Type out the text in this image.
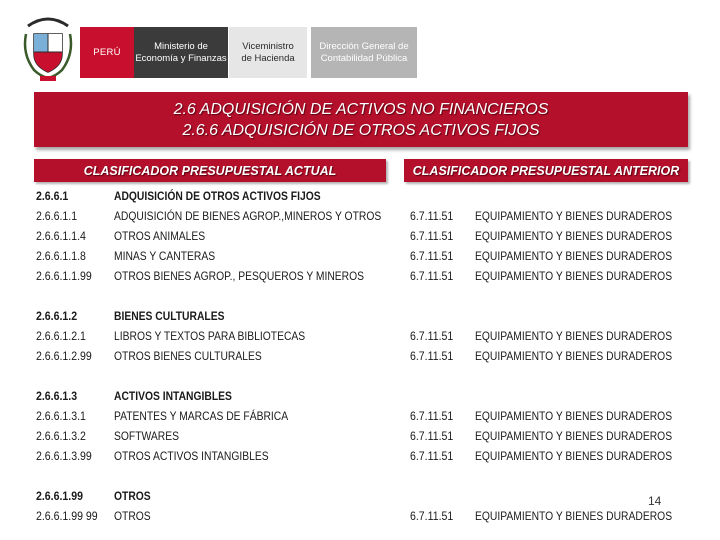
PERÚ
Ministerio de
Economía y Finanzas
Viceministro
de Hacienda
Dirección General de
Contabilidad Pública
2.6 ADQUISICIÓN DE ACTIVOS NO FINANCIEROS
2.6.6 ADQUISICIÓN DE OTROS ACTIVOS FIJOS
CLASIFICADOR PRESUPUESTAL ACTUAL	CLASIFICADOR PRESUPUESTAL ANTERIOR
2.6.6.1	ADQUISICIÓN DE OTROS ACTIVOS FIJOS
2.6.6.1.1	ADQUISICIÓN DE BIENES AGROP.,MINEROS Y OTROS 6.7.11.51 EQUIPAMIENTO Y BIENES DURADEROS
2.6.6.1.1.4 OTROS ANIMALES	6.7.11.51 EQUIPAMIENTO Y BIENES DURADEROS
2.6.6.1.1.8 MINAS Y CANTERAS	6.7.11.51 EQUIPAMIENTO Y BIENES DURADEROS
2.6.6.1.1.99 OTROS BIENES AGROP., PESQUEROS Y MINEROS	6.7.11.51 EQUIPAMIENTO Y BIENES DURADEROS
2.6.6.1.2	BIENES CULTURALES
2.6.6.1.2.1 LIBROS Y TEXTOS PARA BIBLIOTECAS	6.7.11.51 EQUIPAMIENTO Y BIENES DURADEROS
2.6.6.1.2.99 OTROS BIENES CULTURALES	6.7.11.51 EQUIPAMIENTO Y BIENES DURADEROS
2.6.6.1.3	ACTIVOS INTANGIBLES
2.6.6.1.3.1 PATENTES Y MARCAS DE FÁBRICA	6.7.11.51 EQUIPAMIENTO Y BIENES DURADEROS
2.6.6.1.3.2 SOFTWARES	6.7.11.51 EQUIPAMIENTO Y BIENES DURADEROS
2.6.6.1.3.99 OTROS ACTIVOS INTANGIBLES	6.7.11.51 EQUIPAMIENTO Y BIENES DURADEROS
2.6.6.1.99	OTROS
2.6.6.1.99 99 OTROS	6.7.11.51 EQUIPAMIENTO Y BIENES DURADEROS
14
